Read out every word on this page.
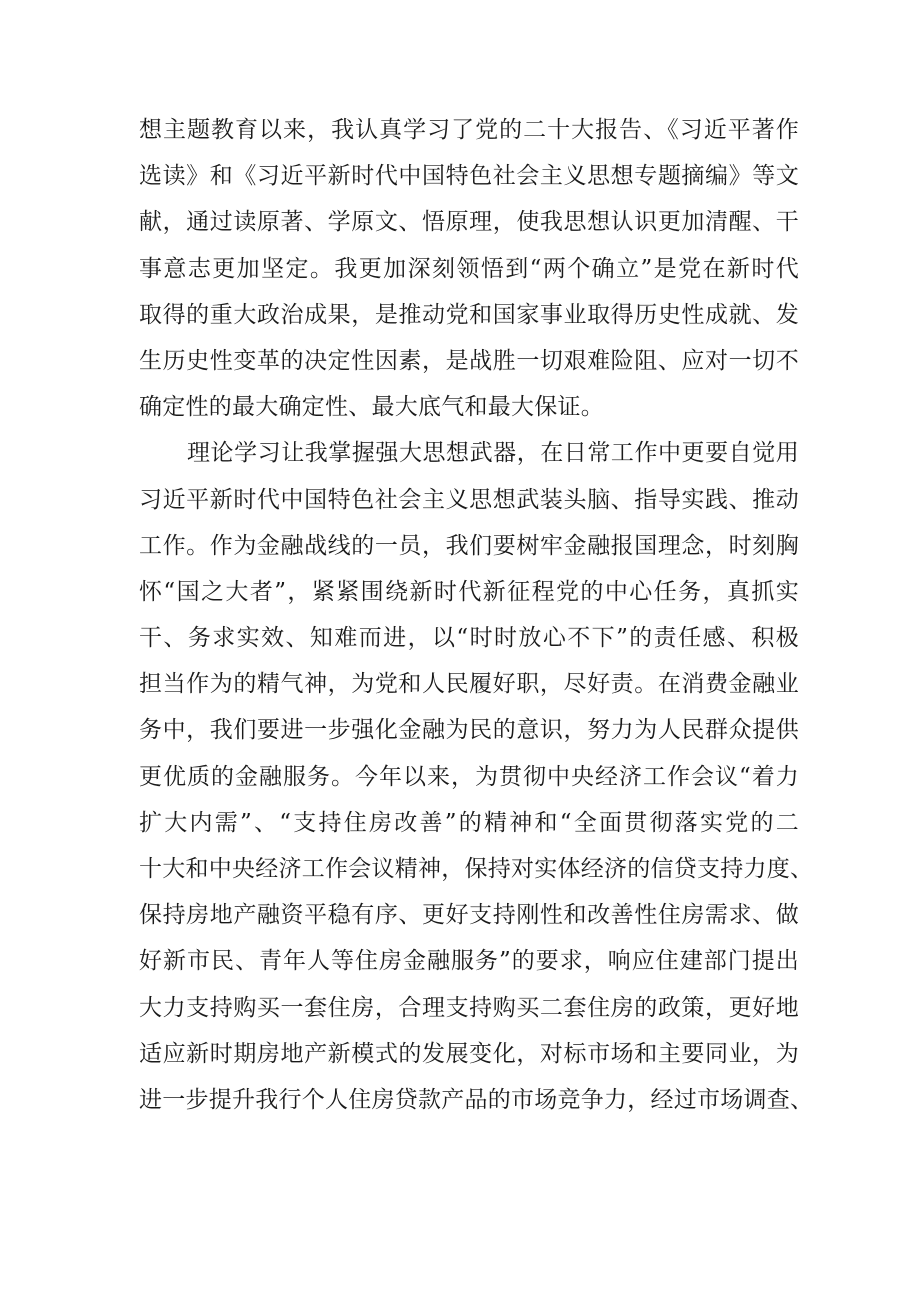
想主题教育以来，我认真学习了党的二十大报告、《习近平著作
选读》和《习近平新时代中国特色社会主义思想专题摘编》等文
献，通过读原著、学原文、悟原理，使我思想认识更加清醒、干
事意志更加坚定。我更加深刻领悟到“两个确立”是党在新时代
取得的重大政治成果，是推动党和国家事业取得历史性成就、发
生历史性变革的决定性因素，是战胜一切艰难险阻、应对一切不
确定性的最大确定性、最大底气和最大保证。
理论学习让我掌握强大思想武器，在日常工作中更要自觉用
习近平新时代中国特色社会主义思想武装头脑、指导实践、推动
工作。作为金融战线的一员，我们要树牢金融报国理念，时刻胸
怀“国之大者”，紧紧围绕新时代新征程党的中心任务，真抓实
干、务求实效、知难而进，以“时时放心不下”的责任感、积极
担当作为的精气神，为党和人民履好职，尽好责。在消费金融业
务中，我们要进一步强化金融为民的意识，努力为人民群众提供
更优质的金融服务。今年以来，为贯彻中央经济工作会议“着力
扩大内需”、“支持住房改善”的精神和“全面贯彻落实党的二
十大和中央经济工作会议精神，保持对实体经济的信贷支持力度、
保持房地产融资平稳有序、更好支持刚性和改善性住房需求、做
好新市民、青年人等住房金融服务”的要求，响应住建部门提出
大力支持购买一套住房，合理支持购买二套住房的政策，更好地
适应新时期房地产新模式的发展变化，对标市场和主要同业，为
进一步提升我行个人住房贷款产品的市场竞争力，经过市场调查、
